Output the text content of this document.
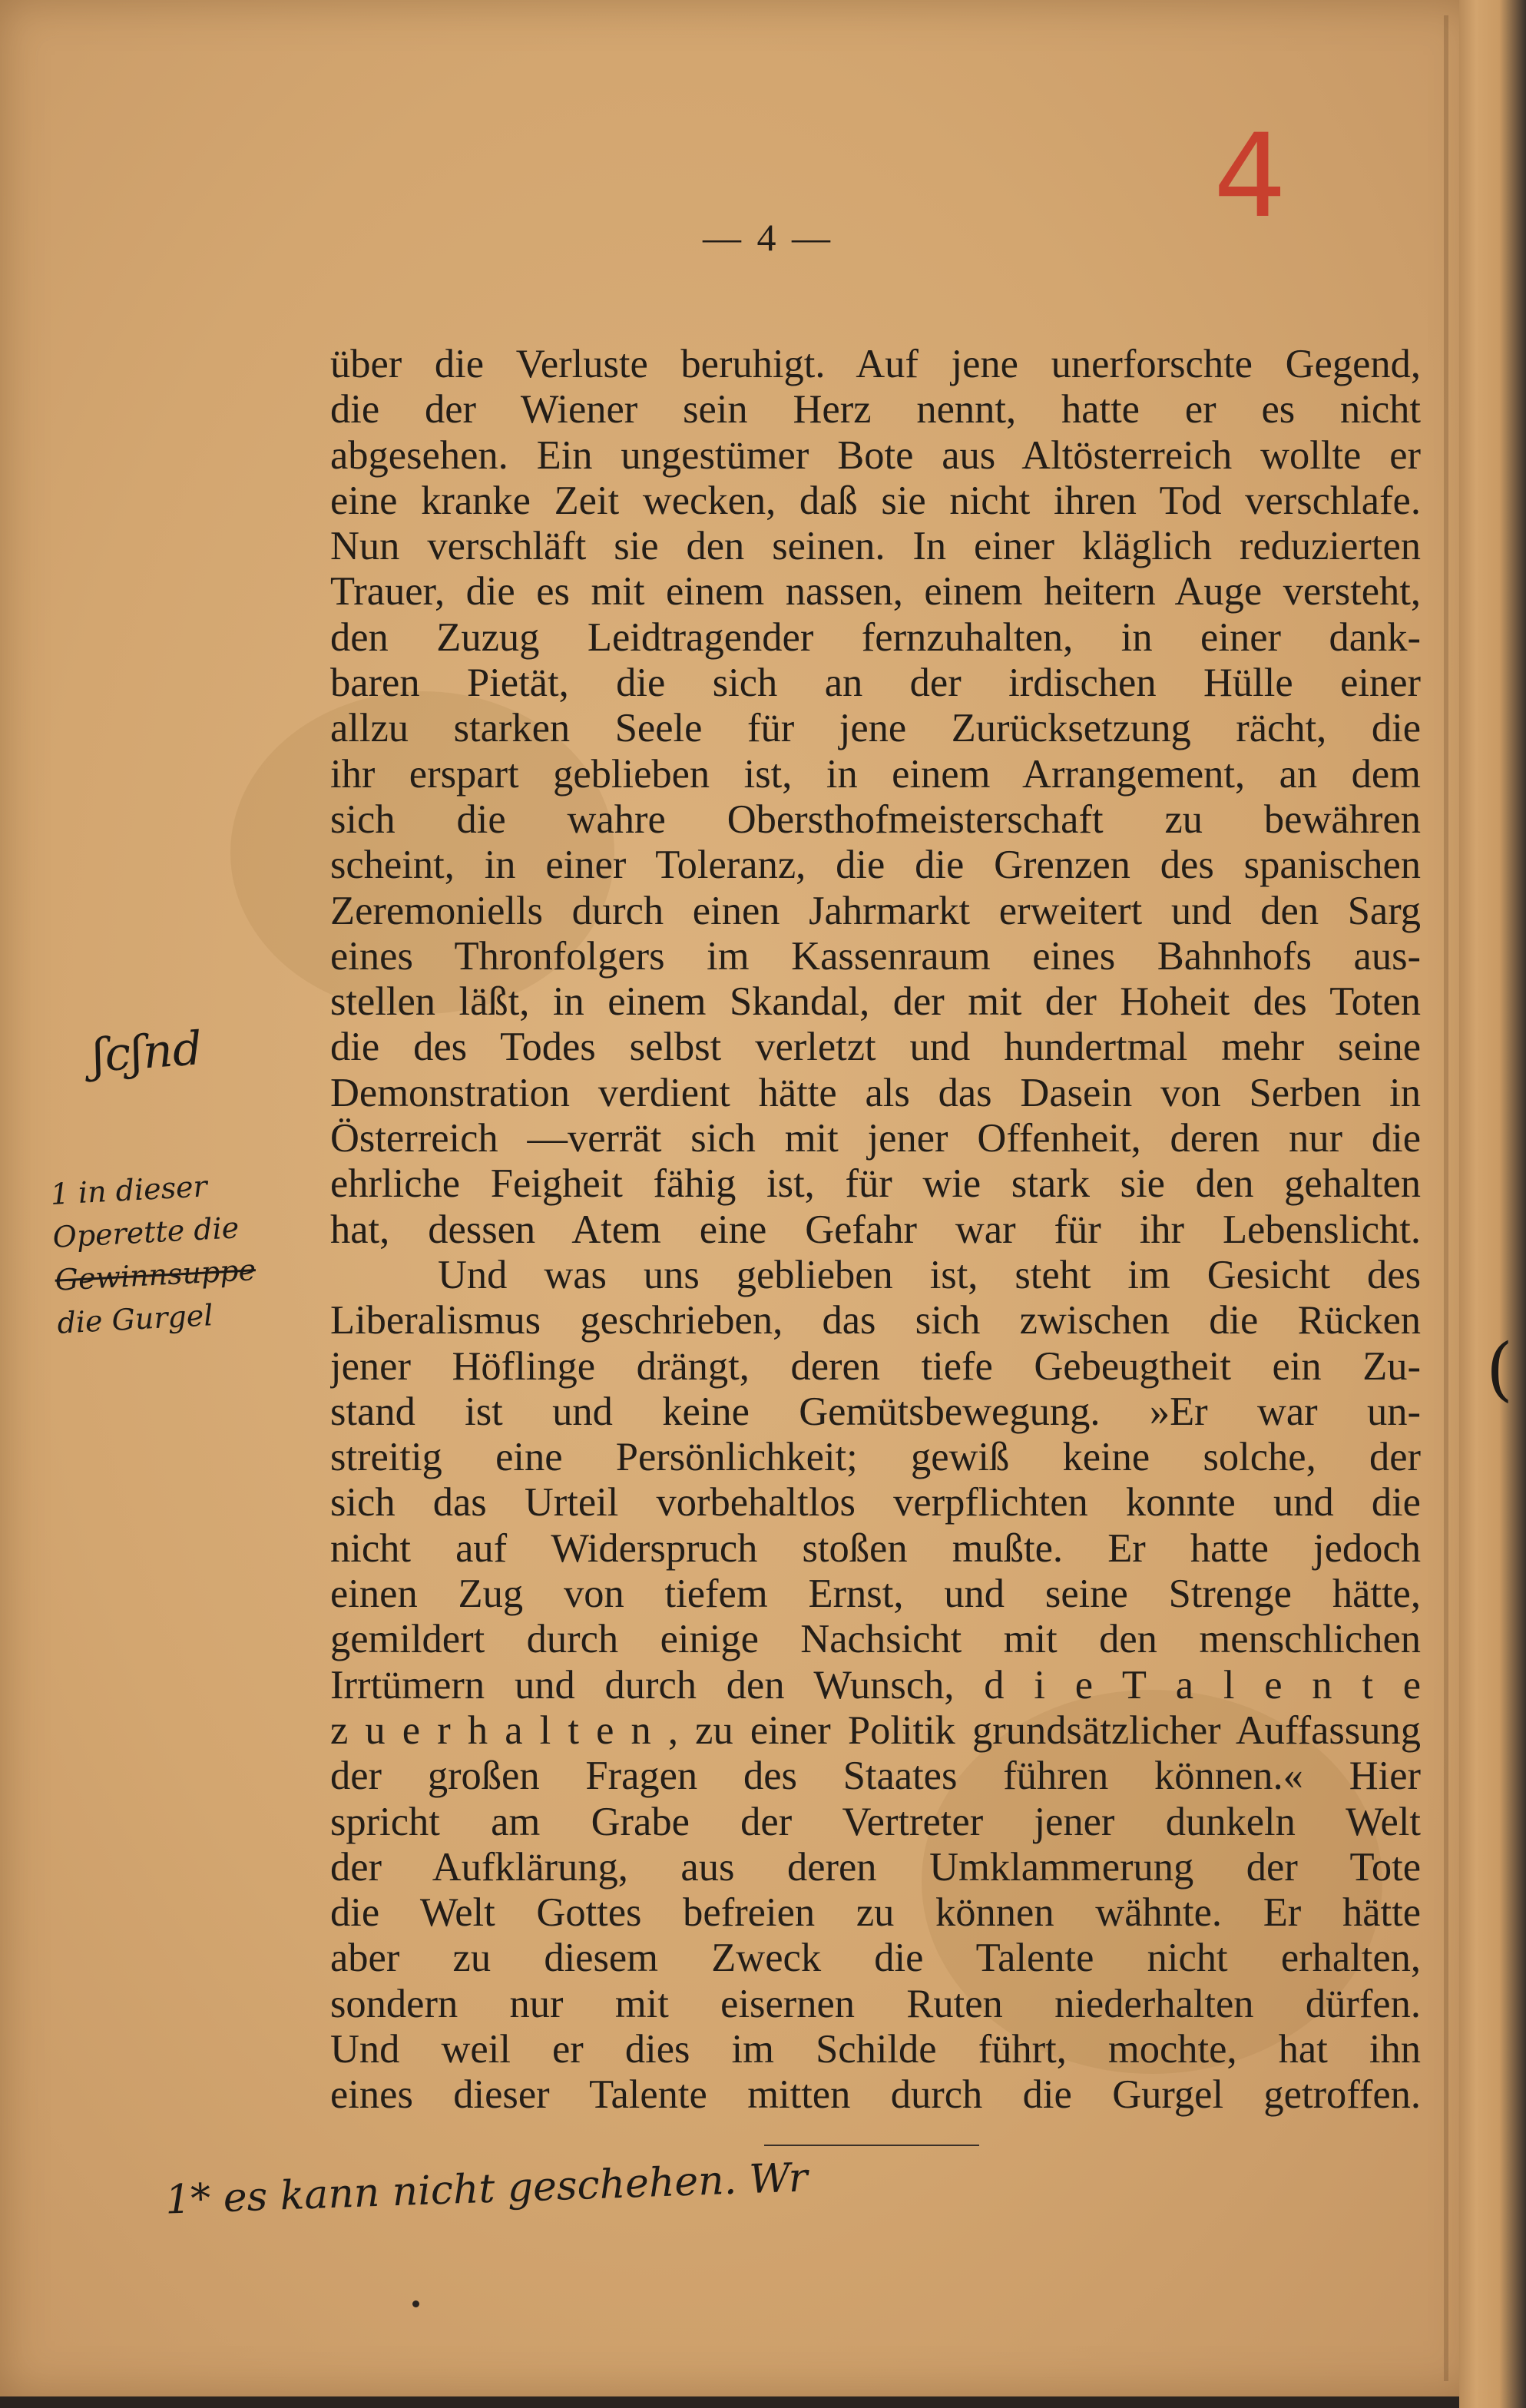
— 4 —	4
über die Verluste beruhigt. Auf jene unerforschte Gegend,
die der Wiener sein Herz nennt, hatte er es nicht
abgesehen. Ein ungestümer Bote aus Altösterreich wollte er
eine kranke Zeit wecken, daß sie nicht ihren Tod verschlafe.
Nun verschläft sie den seinen. In einer kläglich reduzierten
Trauer, die es mit einem nassen, einem heitern Auge versteht,
den Zuzug Leidtragender fernzuhalten, in einer dank-
baren Pietät, die sich an der irdischen Hülle einer
allzu starken Seele für jene Zurücksetzung rächt, die
ihr erspart geblieben ist, in einem Arrangement, an dem
sich die wahre Obersthofmeisterschaft zu bewähren
scheint, in einer Toleranz, die die Grenzen des spanischen
Zeremoniells durch einen Jahrmarkt erweitert und den Sarg
eines Thronfolgers im Kassenraum eines Bahnhofs aus-
stellen läßt, in einem Skandal, der mit der Hoheit des Toten
die des Todes selbst verletzt und hundertmal mehr seine
Demonstration verdient hätte als das Dasein von Serben in
Österreich —verrät sich mit jener Offenheit, deren nur die
ehrliche Feigheit fähig ist, für wie stark sie den gehalten
hat, dessen Atem eine Gefahr war für ihr Lebenslicht.
Und was uns geblieben ist, steht im Gesicht des
Liberalismus geschrieben, das sich zwischen die Rücken
jener Höflinge drängt, deren tiefe Gebeugtheit ein Zu-
stand ist und keine Gemütsbewegung. »Er war un-
streitig eine Persönlichkeit; gewiß keine solche, der
sich das Urteil vorbehaltlos verpflichten konnte und die
nicht auf Widerspruch stoßen mußte. Er hatte jedoch
einen Zug von tiefem Ernst, und seine Strenge hätte,
gemildert durch einige Nachsicht mit den menschlichen
Irrtümern und durch den Wunsch, d i e T a l e n t e
z u e r h a l t e n , zu einer Politik grundsätzlicher Auffassung
der großen Fragen des Staates führen können.« Hier
spricht am Grabe der Vertreter jener dunkeln Welt
der Aufklärung, aus deren Umklammerung der Tote
die Welt Gottes befreien zu können wähnte. Er hätte
aber zu diesem Zweck die Talente nicht erhalten,
sondern nur mit eisernen Ruten niederhalten dürfen.
Und weil er dies im Schilde führt, mochte, hat ihn
eines dieser Talente mitten durch die Gurgel getroffen.
ʃcʃnd
1 in dieser
Operette die
Gewinnsuppe
die Gurgel
1* es kann nicht geschehen. Wr
(
